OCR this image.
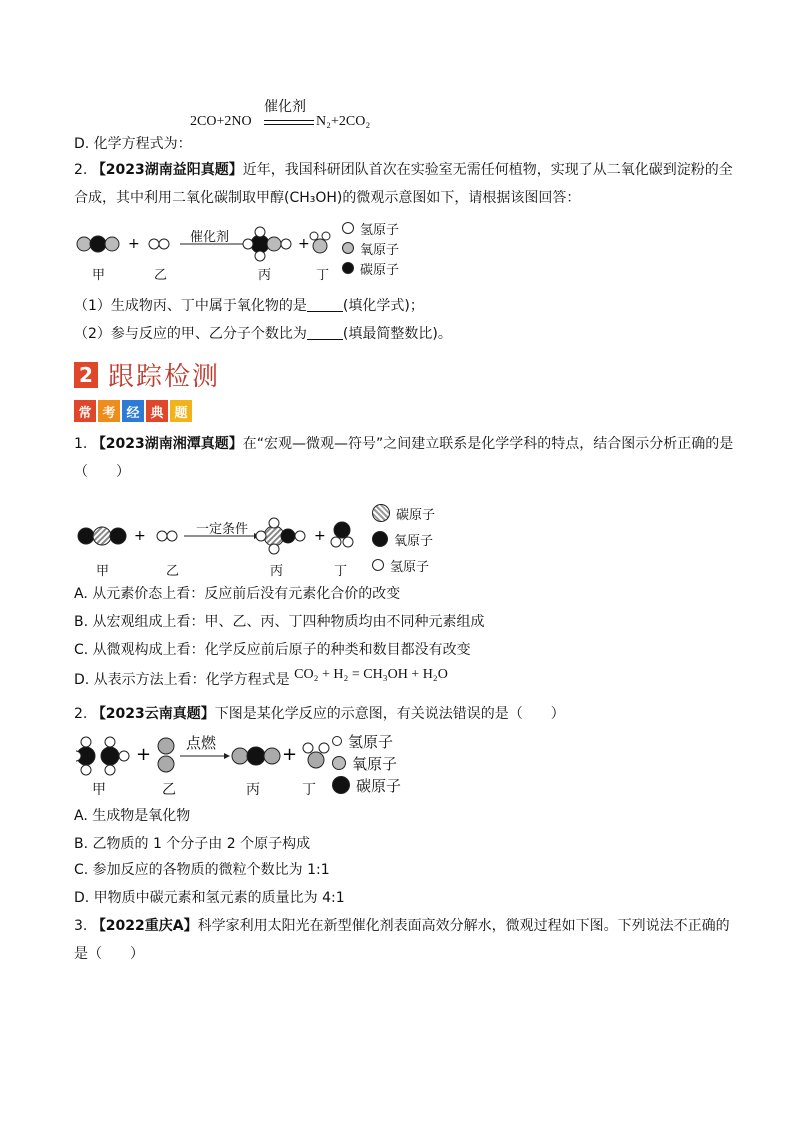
催化剂
2CO+2NO	N₂+2CO₂
D. 化学方程式为：
2. 【2023湖南益阳真题】近年，我国科研团队首次在实验室无需任何植物，实现了从二氧化碳到淀粉的全
合成，其中利用二氧化碳制取甲醇(CH₃OH)的微观示意图如下，请根据该图回答：
+	+
催化剂
甲	乙	丙	丁
氢原子
氧原子
碳原子
（1）生成物丙、丁中属于氧化物的是	(填化学式)；
（2）参与反应的甲、乙分子个数比为	(填最简整数比)。
2 跟踪检测
常 考 经 典 题
1. 【2023湖南湘潭真题】在“宏观—微观—符号”之间建立联系是化学学科的特点，结合图示分析正确的是
（　　）
+	+
一定条件
甲	乙	丙	丁
碳原子
氧原子
氢原子
A. 从元素价态上看：反应前后没有元素化合价的改变
B. 从宏观组成上看：甲、乙、丙、丁四种物质均由不同种元素组成
C. 从微观构成上看：化学反应前后原子的种类和数目都没有改变
D. 从表示方法上看：化学方程式是 CO₂ + H₂ = CH₃OH + H₂O
2. 【2023云南真题】下图是某化学反应的示意图，有关说法错误的是（　　）
+	+
点燃
甲	乙	丙	丁
氢原子
氧原子
碳原子
A. 生成物是氧化物
B. 乙物质的 1 个分子由 2 个原子构成
C. 参加反应的各物质的微粒个数比为 1:1
D. 甲物质中碳元素和氢元素的质量比为 4:1
3. 【2022重庆A】科学家利用太阳光在新型催化剂表面高效分解水，微观过程如下图。下列说法不正确的
是（　　）
